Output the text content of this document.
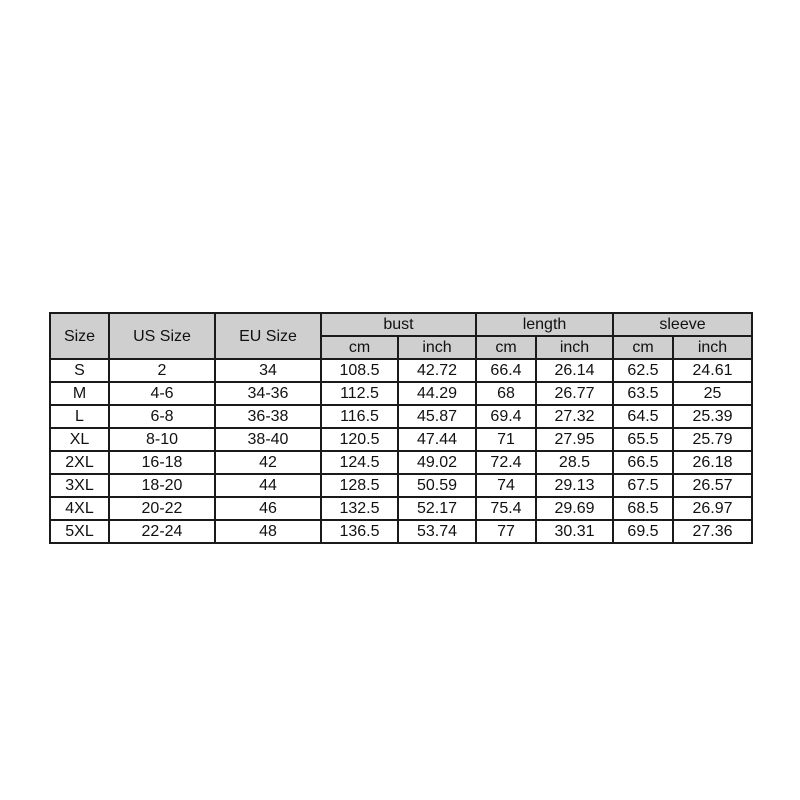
Size	US Size	EU Size	bust		length		sleeve	
			cm	inch	cm	inch	cm	inch
S	2	34	108.5	42.72	66.4	26.14	62.5	24.61
M	4-6	34-36	112.5	44.29	68	26.77	63.5	25
L	6-8	36-38	116.5	45.87	69.4	27.32	64.5	25.39
XL	8-10	38-40	120.5	47.44	71	27.95	65.5	25.79
2XL	16-18	42	124.5	49.02	72.4	28.5	66.5	26.18
3XL	18-20	44	128.5	50.59	74	29.13	67.5	26.57
4XL	20-22	46	132.5	52.17	75.4	29.69	68.5	26.97
5XL	22-24	48	136.5	53.74	77	30.31	69.5	27.36
